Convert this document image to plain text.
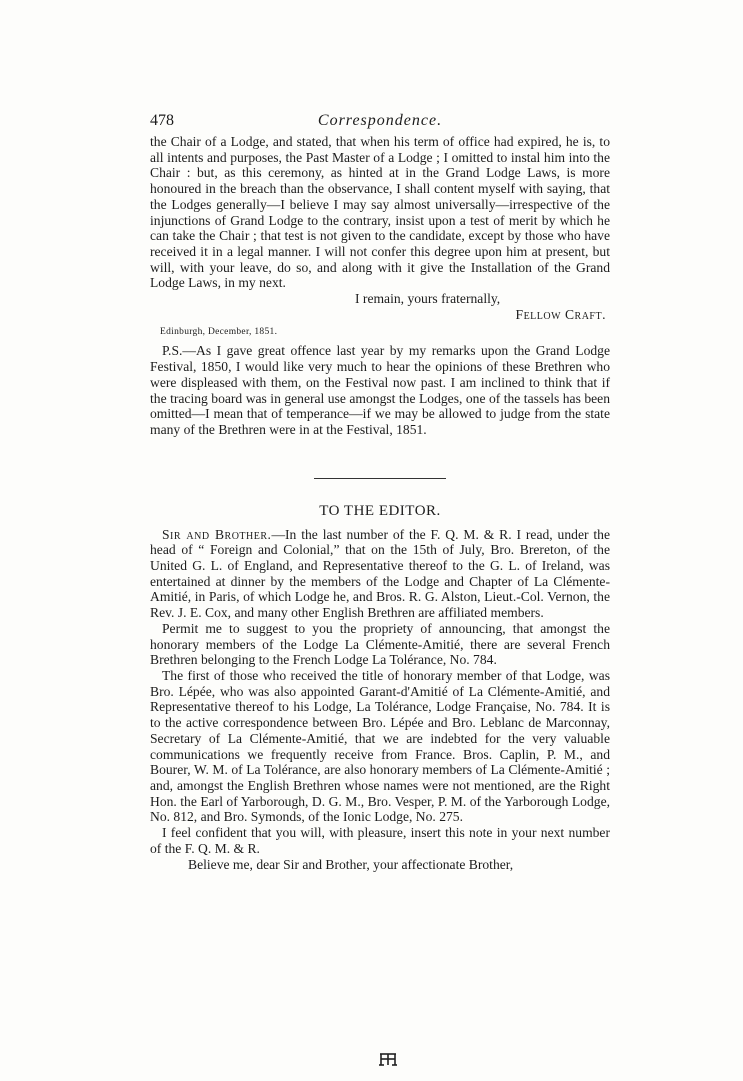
478	Correspondence.

the Chair of a Lodge, and stated, that when his term of office had expired, he is, to all intents and purposes, the Past Master of a Lodge ; I omitted to instal him into the Chair : but, as this ceremony, as hinted at in the Grand Lodge Laws, is more honoured in the breach than the observance, I shall content myself with saying, that the Lodges generally—I believe I may say almost universally—irrespective of the injunctions of Grand Lodge to the contrary, insist upon a test of merit by which he can take the Chair ; that test is not given to the candidate, except by those who have received it in a legal manner. I will not confer this degree upon him at present, but will, with your leave, do so, and along with it give the Installation of the Grand Lodge Laws, in my next.

I remain, yours fraternally,
Fellow Craft.
Edinburgh, December, 1851.

P.S.—As I gave great offence last year by my remarks upon the Grand Lodge Festival, 1850, I would like very much to hear the opinions of these Brethren who were displeased with them, on the Festival now past. I am inclined to think that if the tracing board was in general use amongst the Lodges, one of the tassels has been omitted—I mean that of temperance—if we may be allowed to judge from the state many of the Brethren were in at the Festival, 1851.

TO THE EDITOR.

Sir and Brother.—In the last number of the F. Q. M. & R. I read, under the head of “ Foreign and Colonial,” that on the 15th of July, Bro. Brereton, of the United G. L. of England, and Representative thereof to the G. L. of Ireland, was entertained at dinner by the members of the Lodge and Chapter of La Clémente-Amitié, in Paris, of which Lodge he, and Bros. R. G. Alston, Lieut.-Col. Vernon, the Rev. J. E. Cox, and many other English Brethren are affiliated members.

Permit me to suggest to you the propriety of announcing, that amongst the honorary members of the Lodge La Clémente-Amitié, there are several French Brethren belonging to the French Lodge La Tolérance, No. 784.

The first of those who received the title of honorary member of that Lodge, was Bro. Lépée, who was also appointed Garant-d'Amitié of La Clémente-Amitié, and Representative thereof to his Lodge, La Tolérance, Lodge Française, No. 784. It is to the active correspondence between Bro. Lépée and Bro. Leblanc de Marconnay, Secretary of La Clémente-Amitié, that we are indebted for the very valuable communications we frequently receive from France. Bros. Caplin, P. M., and Bourer, W. M. of La Tolérance, are also honorary members of La Clémente-Amitié ; and, amongst the English Brethren whose names were not mentioned, are the Right Hon. the Earl of Yarborough, D. G. M., Bro. Vesper, P. M. of the Yarborough Lodge, No. 812, and Bro. Symonds, of the Ionic Lodge, No. 275.

I feel confident that you will, with pleasure, insert this note in your next number of the F. Q. M. & R.

Believe me, dear Sir and Brother, your affectionate Brother,
